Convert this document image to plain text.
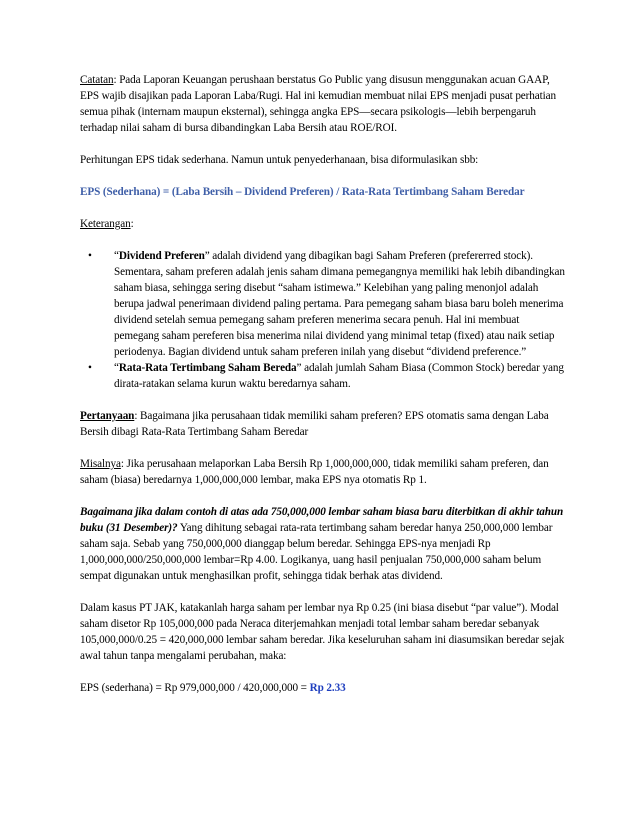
Catatan: Pada Laporan Keuangan perushaan berstatus Go Public yang disusun menggunakan acuan GAAP, EPS wajib disajikan pada Laporan Laba/Rugi. Hal ini kemudian membuat nilai EPS menjadi pusat perhatian semua pihak (internam maupun eksternal), sehingga angka EPS—secara psikologis—lebih berpengaruh terhadap nilai saham di bursa dibandingkan Laba Bersih atau ROE/ROI.

Perhitungan EPS tidak sederhana. Namun untuk penyederhanaan, bisa diformulasikan sbb:

EPS (Sederhana) = (Laba Bersih – Dividend Preferen) / Rata-Rata Tertimbang Saham Beredar

Keterangan:

• “Dividend Preferen” adalah dividend yang dibagikan bagi Saham Preferen (prefererred stock). Sementara, saham preferen adalah jenis saham dimana pemegangnya memiliki hak lebih dibandingkan saham biasa, sehingga sering disebut “saham istimewa.” Kelebihan yang paling menonjol adalah berupa jadwal penerimaan dividend paling pertama. Para pemegang saham biasa baru boleh menerima dividend setelah semua pemegang saham preferen menerima secara penuh. Hal ini membuat pemegang saham pereferen bisa menerima nilai dividend yang minimal tetap (fixed) atau naik setiap periodenya. Bagian dividend untuk saham preferen inilah yang disebut “dividend preference.”
• “Rata-Rata Tertimbang Saham Bereda” adalah jumlah Saham Biasa (Common Stock) beredar yang dirata-ratakan selama kurun waktu beredarnya saham.

Pertanyaan: Bagaimana jika perusahaan tidak memiliki saham preferen? EPS otomatis sama dengan Laba Bersih dibagi Rata-Rata Tertimbang Saham Beredar

Misalnya: Jika perusahaan melaporkan Laba Bersih Rp 1,000,000,000, tidak memiliki saham preferen, dan saham (biasa) beredarnya 1,000,000,000 lembar, maka EPS nya otomatis Rp 1.

Bagaimana jika dalam contoh di atas ada 750,000,000 lembar saham biasa baru diterbitkan di akhir tahun buku (31 Desember)? Yang dihitung sebagai rata-rata tertimbang saham beredar hanya 250,000,000 lembar saham saja. Sebab yang 750,000,000 dianggap belum beredar. Sehingga EPS-nya menjadi Rp 1,000,000,000/250,000,000 lembar=Rp 4.00. Logikanya, uang hasil penjualan 750,000,000 saham belum sempat digunakan untuk menghasilkan profit, sehingga tidak berhak atas dividend.

Dalam kasus PT JAK, katakanlah harga saham per lembar nya Rp 0.25 (ini biasa disebut “par value”). Modal saham disetor Rp 105,000,000 pada Neraca diterjemahkan menjadi total lembar saham beredar sebanyak 105,000,000/0.25 = 420,000,000 lembar saham beredar. Jika keseluruhan saham ini diasumsikan beredar sejak awal tahun tanpa mengalami perubahan, maka:

EPS (sederhana) = Rp 979,000,000 / 420,000,000 = Rp 2.33
